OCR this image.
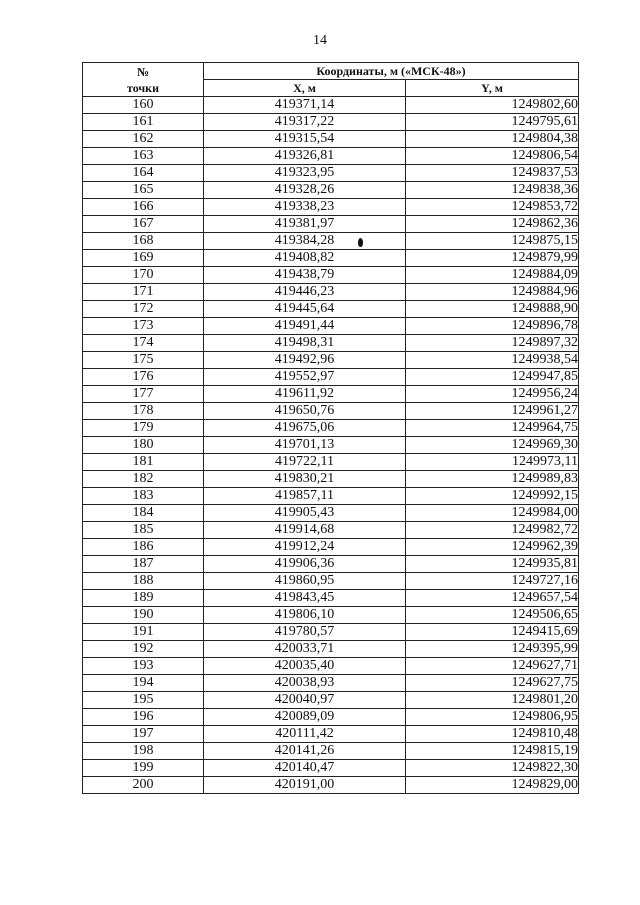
14
№
точки	Координаты, м («МСК-48»)	
	X, м	Y, м
160	419371,14	1249802,60
161	419317,22	1249795,61
162	419315,54	1249804,38
163	419326,81	1249806,54
164	419323,95	1249837,53
165	419328,26	1249838,36
166	419338,23	1249853,72
167	419381,97	1249862,36
168	419384,28	1249875,15
169	419408,82	1249879,99
170	419438,79	1249884,09
171	419446,23	1249884,96
172	419445,64	1249888,90
173	419491,44	1249896,78
174	419498,31	1249897,32
175	419492,96	1249938,54
176	419552,97	1249947,85
177	419611,92	1249956,24
178	419650,76	1249961,27
179	419675,06	1249964,75
180	419701,13	1249969,30
181	419722,11	1249973,11
182	419830,21	1249989,83
183	419857,11	1249992,15
184	419905,43	1249984,00
185	419914,68	1249982,72
186	419912,24	1249962,39
187	419906,36	1249935,81
188	419860,95	1249727,16
189	419843,45	1249657,54
190	419806,10	1249506,65
191	419780,57	1249415,69
192	420033,71	1249395,99
193	420035,40	1249627,71
194	420038,93	1249627,75
195	420040,97	1249801,20
196	420089,09	1249806,95
197	420111,42	1249810,48
198	420141,26	1249815,19
199	420140,47	1249822,30
200	420191,00	1249829,00
